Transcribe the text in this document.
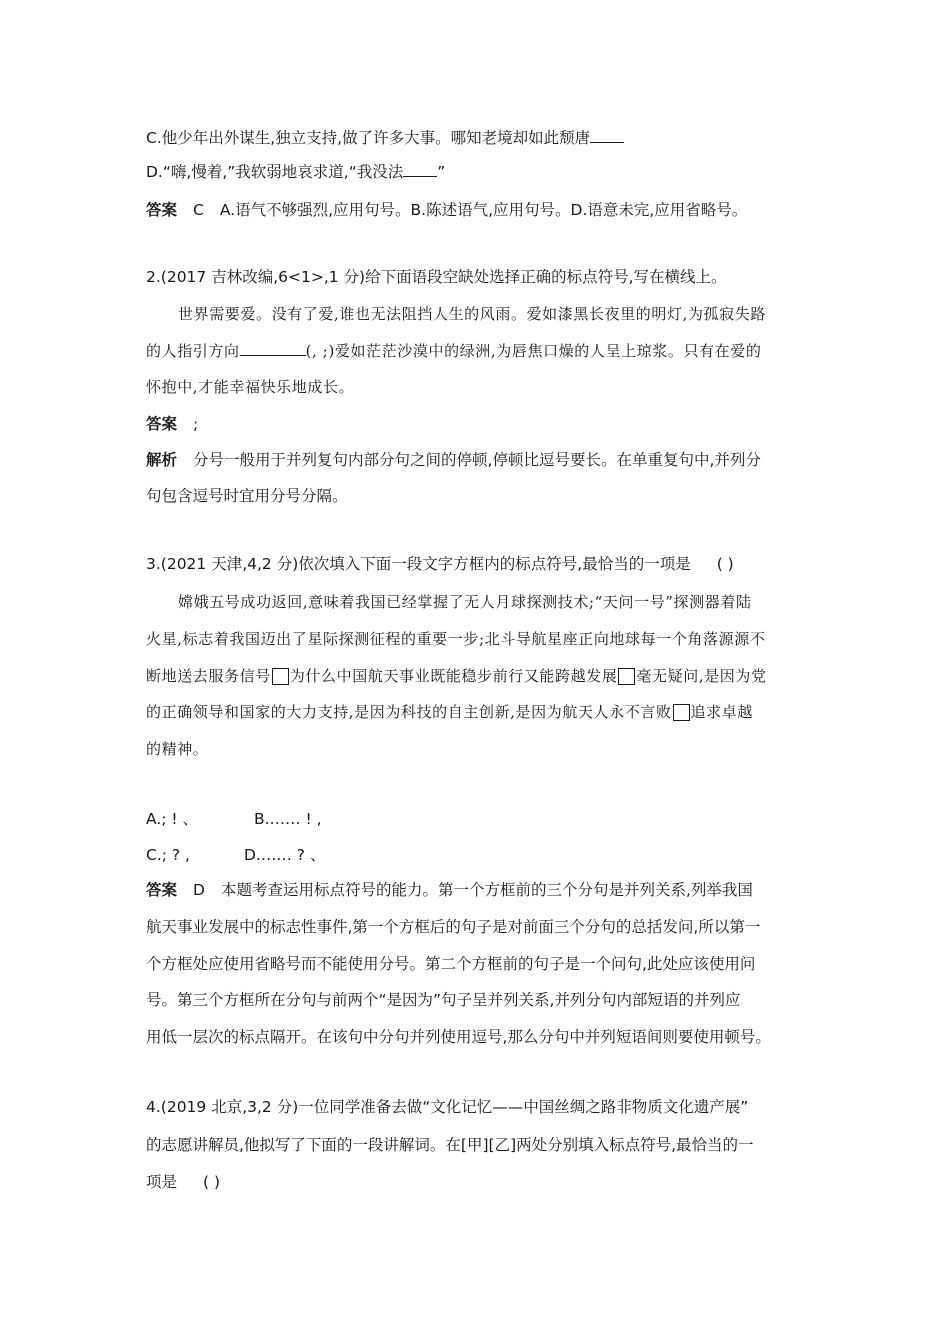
C.他少年出外谋生,独立支持,做了许多大事。哪知老境却如此颓唐
D.“嗨,慢着,”我软弱地哀求道,“我没法 ”
答案 C A.语气不够强烈,应用句号。B.陈述语气,应用句号。D.语意未完,应用省略号。
2.(2017 吉林改编,6<1>,1 分)给下面语段空缺处选择正确的标点符号,写在横线上。
世界需要爱。没有了爱,谁也无法阻挡人生的风雨。爱如漆黑长夜里的明灯,为孤寂失路
的人指引方向	(, ;)爱如茫茫沙漠中的绿洲,为唇焦口燥的人呈上琼浆。只有在爱的
怀抱中,才能幸福快乐地成长。
答案 ;
解析 分号一般用于并列复句内部分句之间的停顿,停顿比逗号要长。在单重复句中,并列分
句包含逗号时宜用分号分隔。
3.(2021 天津,4,2 分)依次填入下面一段文字方框内的标点符号,最恰当的一项是 ( )
嫦娥五号成功返回,意味着我国已经掌握了无人月球探测技术;“天问一号”探测器着陆
火星,标志着我国迈出了星际探测征程的重要一步;北斗导航星座正向地球每一个角落源源不
断地送去服务信号 为什么中国航天事业既能稳步前行又能跨越发展 毫无疑问,是因为党
的正确领导和国家的大力支持,是因为科技的自主创新,是因为航天人永不言败 追求卓越
的精神。
A.; ! 、	B.…… ! ,
C.; ? ,	D.…… ? 、
答案 D 本题考查运用标点符号的能力。第一个方框前的三个分句是并列关系,列举我国
航天事业发展中的标志性事件,第一个方框后的句子是对前面三个分句的总括发问,所以第一
个方框处应使用省略号而不能使用分号。第二个方框前的句子是一个问句,此处应该使用问
号。第三个方框所在分句与前两个“是因为”句子呈并列关系,并列分句内部短语的并列应
用低一层次的标点隔开。在该句中分句并列使用逗号,那么分句中并列短语间则要使用顿号。
4.(2019 北京,3,2 分)一位同学准备去做“文化记忆——中国丝绸之路非物质文化遗产展”
的志愿讲解员,他拟写了下面的一段讲解词。在[甲][乙]两处分别填入标点符号,最恰当的一
项是 ( )
